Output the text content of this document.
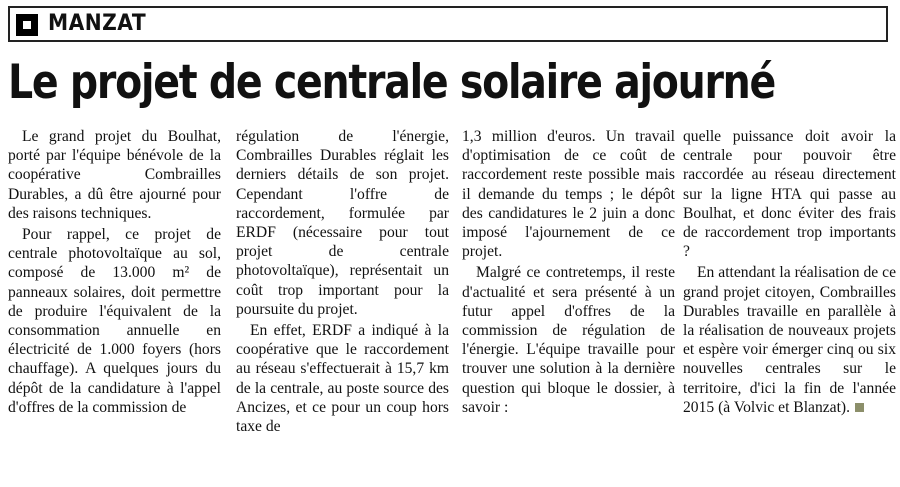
MANZAT
Le projet de centrale solaire ajourné

Le grand projet du Boulhat, porté par l'équipe bénévole de la coopérative Combrailles Durables, a dû être ajourné pour des raisons techniques.

Pour rappel, ce projet de centrale photovoltaïque au sol, composé de 13.000 m² de panneaux solaires, doit permettre de produire l'équivalent de la consommation annuelle en électricité de 1.000 foyers (hors chauffage). A quelques jours du dépôt de la candidature à l'appel d'offres de la commission de

régulation de l'énergie, Combrailles Durables réglait les derniers détails de son projet. Cependant l'offre de raccordement, formulée par ERDF (nécessaire pour tout projet de centrale photovoltaïque), représentait un coût trop important pour la poursuite du projet.

En effet, ERDF a indiqué à la coopérative que le raccordement au réseau s'effectuerait à 15,7 km de la centrale, au poste source des Ancizes, et ce pour un coup hors taxe de

1,3 million d'euros. Un travail d'optimisation de ce coût de raccordement reste possible mais il demande du temps ; le dépôt des candidatures le 2 juin a donc imposé l'ajournement de ce projet.

Malgré ce contretemps, il reste d'actualité et sera présenté à un futur appel d'offres de la commission de régulation de l'énergie. L'équipe travaille pour trouver une solution à la dernière question qui bloque le dossier, à savoir :

quelle puissance doit avoir la centrale pour pouvoir être raccordée au réseau directement sur la ligne HTA qui passe au Boulhat, et donc éviter des frais de raccordement trop importants ?

En attendant la réalisation de ce grand projet citoyen, Combrailles Durables travaille en parallèle à la réalisation de nouveaux projets et espère voir émerger cinq ou six nouvelles centrales sur le territoire, d'ici la fin de l'année 2015 (à Volvic et Blanzat).
